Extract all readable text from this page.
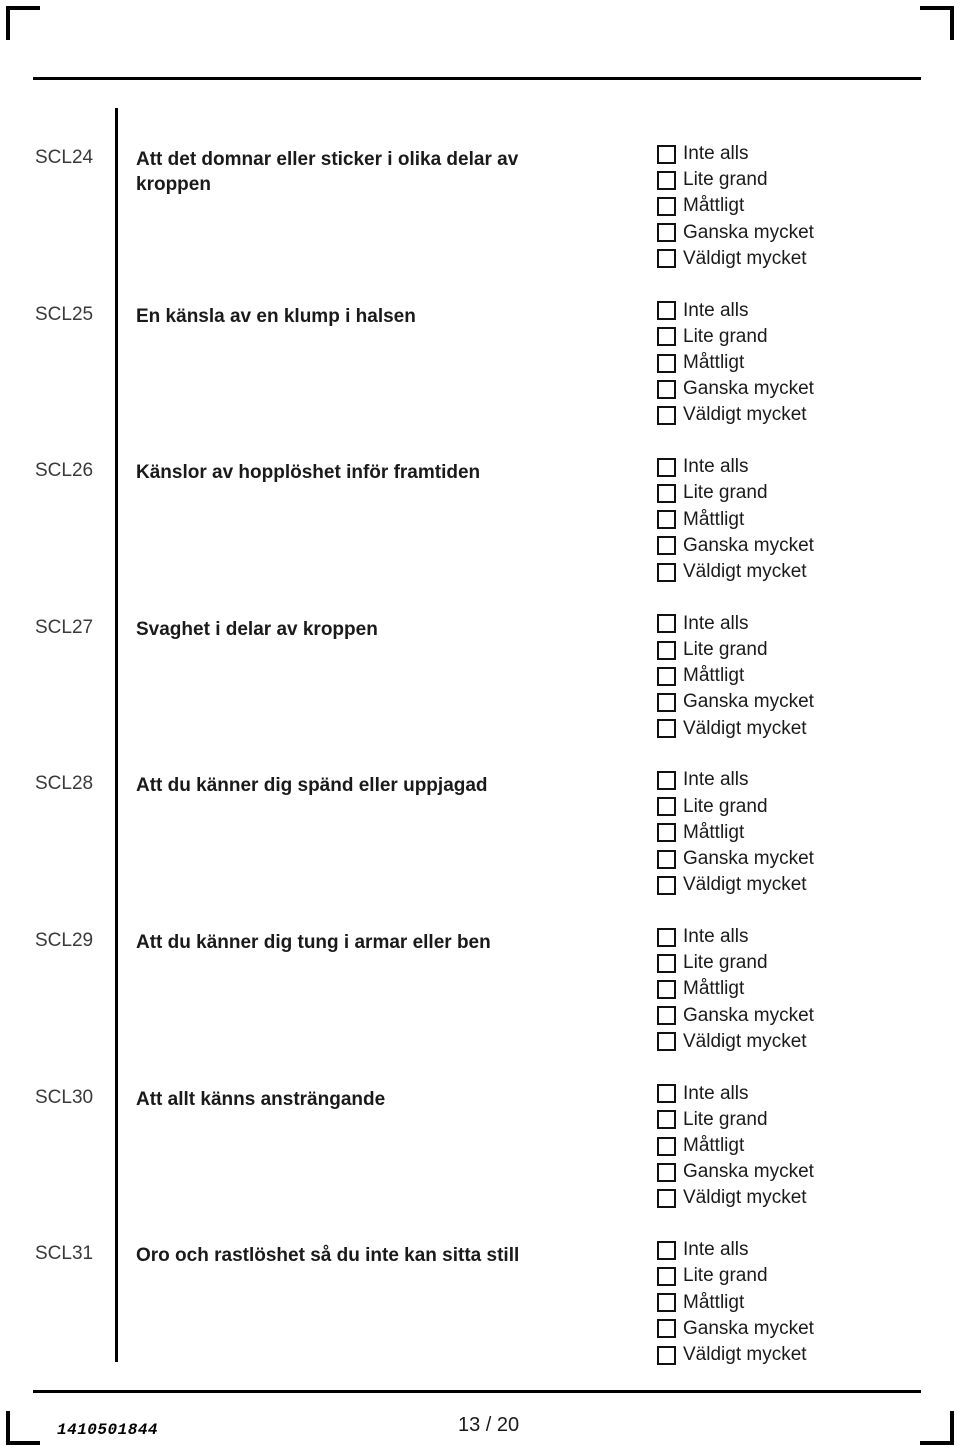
SCL24 Att det domnar eller sticker i olika delar av kroppen
Inte alls
Lite grand
Måttligt
Ganska mycket
Väldigt mycket
SCL25 En känsla av en klump i halsen	Inte alls
Lite grand
Måttligt
Ganska mycket
Väldigt mycket
SCL26 Känslor av hopplöshet inför framtiden	Inte alls
Lite grand
Måttligt
Ganska mycket
Väldigt mycket
SCL27 Svaghet i delar av kroppen	Inte alls
Lite grand
Måttligt
Ganska mycket
Väldigt mycket
SCL28 Att du känner dig spänd eller uppjagad	Inte alls
Lite grand
Måttligt
Ganska mycket
Väldigt mycket
SCL29 Att du känner dig tung i armar eller ben	Inte alls
Lite grand
Måttligt
Ganska mycket
Väldigt mycket
SCL30 Att allt känns ansträngande	Inte alls
Lite grand
Måttligt
Ganska mycket
Väldigt mycket
SCL31 Oro och rastlöshet så du inte kan sitta still	Inte alls
Lite grand
Måttligt
Ganska mycket
Väldigt mycket
1410501844	13 / 20
